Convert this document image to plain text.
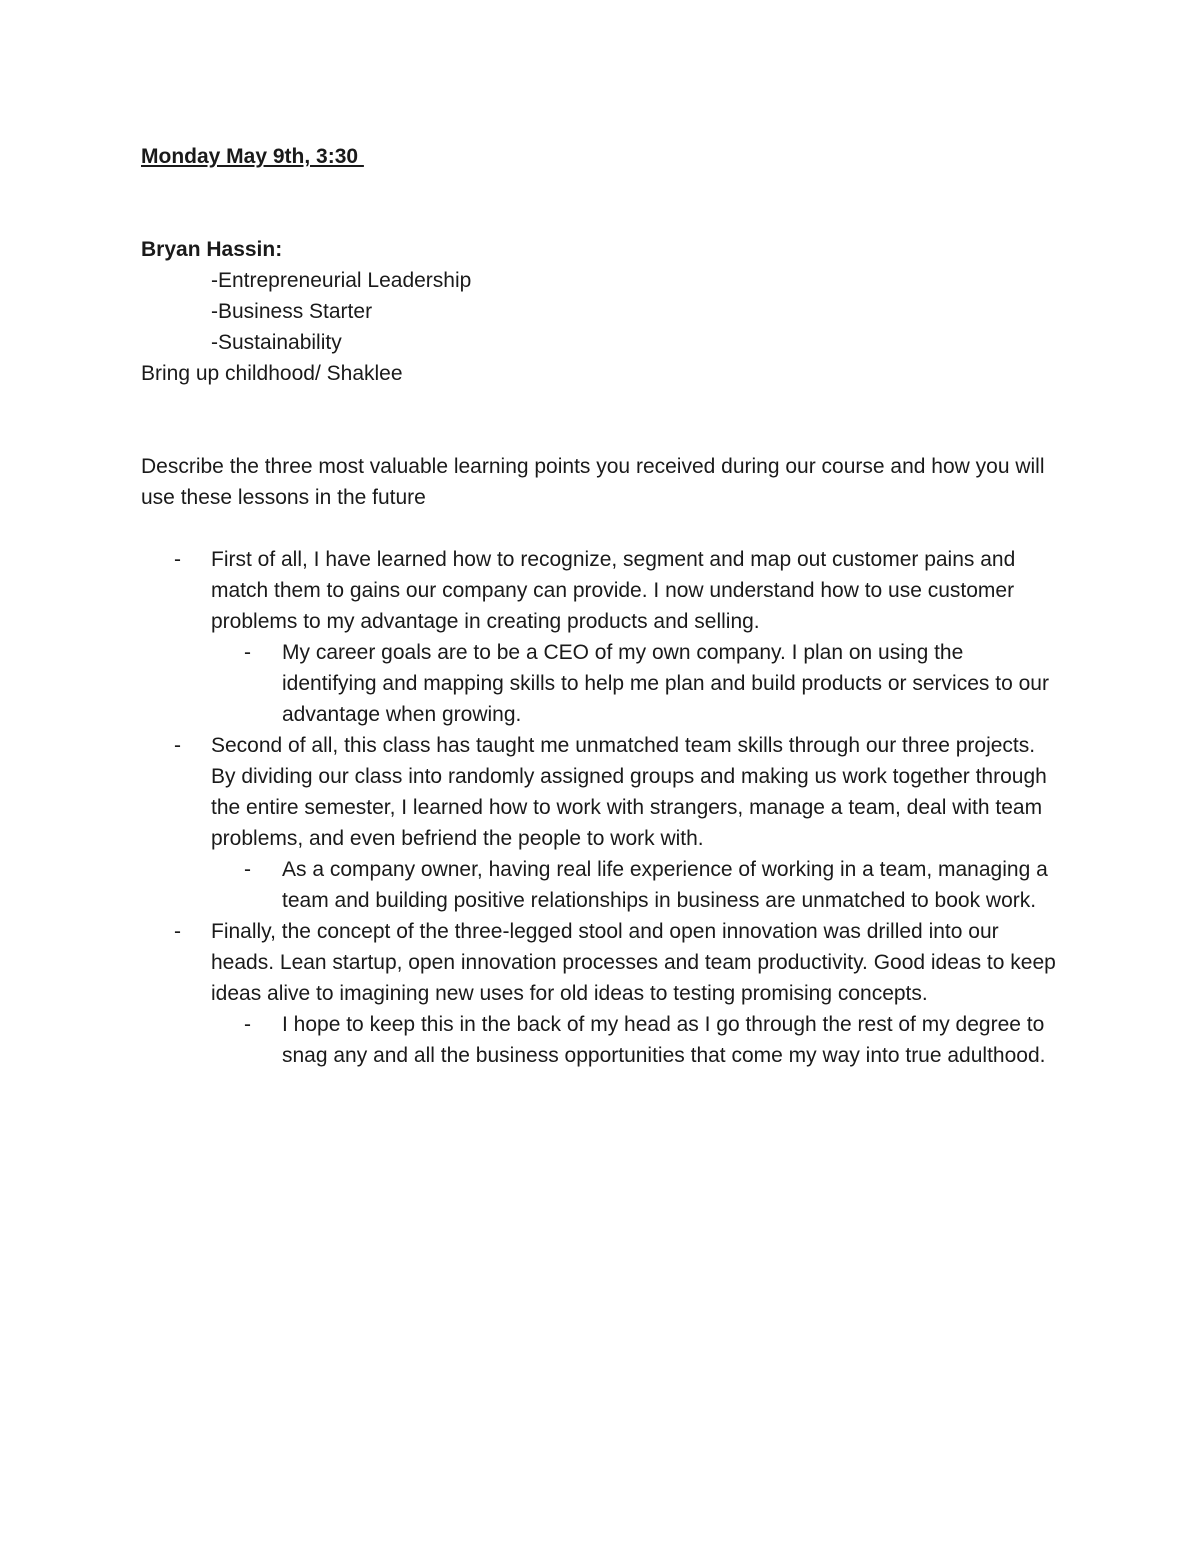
Monday May 9th, 3:30
Bryan Hassin:
-Entrepreneurial Leadership
-Business Starter
-Sustainability
Bring up childhood/ Shaklee
Describe the three most valuable learning points you received during our course and how you will use these lessons in the future
- First of all, I have learned how to recognize, segment and map out customer pains and match them to gains our company can provide. I now understand how to use customer problems to my advantage in creating products and selling.
- My career goals are to be a CEO of my own company. I plan on using the identifying and mapping skills to help me plan and build products or services to our advantage when growing.
- Second of all, this class has taught me unmatched team skills through our three projects. By dividing our class into randomly assigned groups and making us work together through the entire semester, I learned how to work with strangers, manage a team, deal with team problems, and even befriend the people to work with.
- As a company owner, having real life experience of working in a team, managing a team and building positive relationships in business are unmatched to book work.
- Finally, the concept of the three-legged stool and open innovation was drilled into our heads. Lean startup, open innovation processes and team productivity. Good ideas to keep ideas alive to imagining new uses for old ideas to testing promising concepts.
- I hope to keep this in the back of my head as I go through the rest of my degree to snag any and all the business opportunities that come my way into true adulthood.
